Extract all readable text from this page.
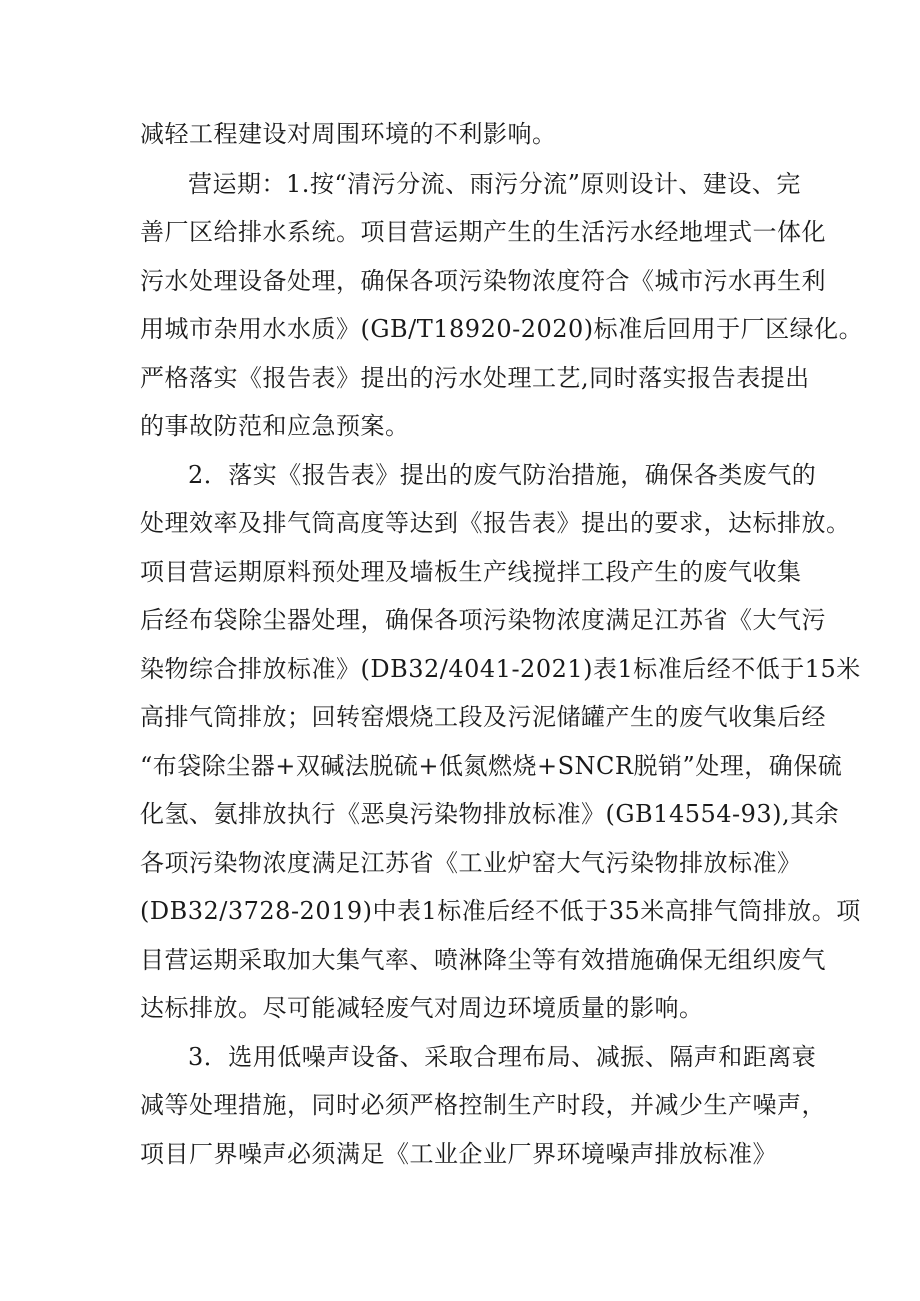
减轻工程建设对周围环境的不利影响。
营运期：1.按“清污分流、雨污分流”原则设计、建设、完
善厂区给排水系统。项目营运期产生的生活污水经地埋式一体化
污水处理设备处理，确保各项污染物浓度符合《城市污水再生利
用城市杂用水水质》(GB/T18920-2020)标准后回用于厂区绿化。
严格落实《报告表》提出的污水处理工艺,同时落实报告表提出
的事故防范和应急预案。
2．落实《报告表》提出的废气防治措施，确保各类废气的
处理效率及排气筒高度等达到《报告表》提出的要求，达标排放。
项目营运期原料预处理及墙板生产线搅拌工段产生的废气收集
后经布袋除尘器处理，确保各项污染物浓度满足江苏省《大气污
染物综合排放标准》(DB32/4041-2021)表1标准后经不低于15米
高排气筒排放；回转窑煨烧工段及污泥储罐产生的废气收集后经
“布袋除尘器+双碱法脱硫+低氮燃烧+SNCR脱销”处理，确保硫
化氢、氨排放执行《恶臭污染物排放标准》(GB14554-93),其余
各项污染物浓度满足江苏省《工业炉窑大气污染物排放标准》
(DB32/3728-2019)中表1标准后经不低于35米高排气筒排放。项
目营运期采取加大集气率、喷淋降尘等有效措施确保无组织废气
达标排放。尽可能减轻废气对周边环境质量的影响。
3．选用低噪声设备、采取合理布局、减振、隔声和距离衰
减等处理措施，同时必须严格控制生产时段，并减少生产噪声，
项目厂界噪声必须满足《工业企业厂界环境噪声排放标准》
